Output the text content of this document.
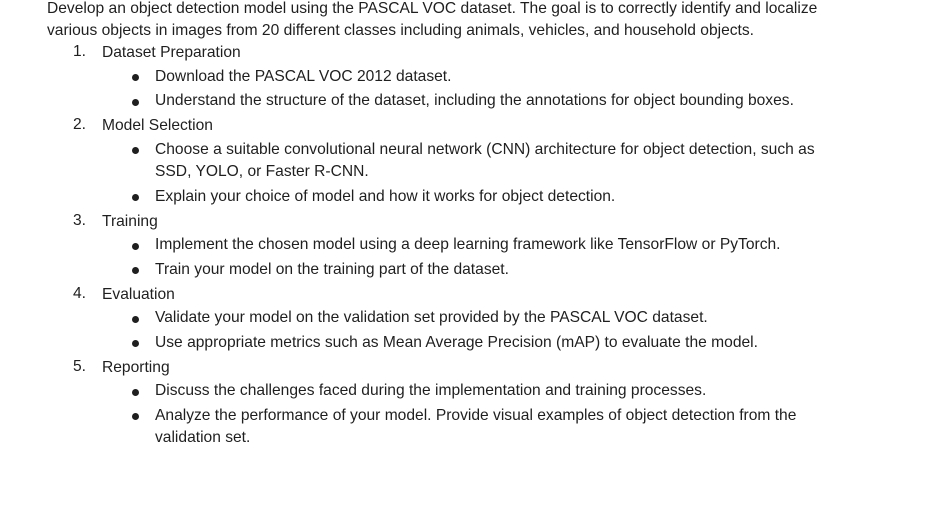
Develop an object detection model using the PASCAL VOC dataset. The goal is to correctly identify and localize various objects in images from 20 different classes including animals, vehicles, and household objects.

1. Dataset Preparation
Download the PASCAL VOC 2012 dataset.
Understand the structure of the dataset, including the annotations for object bounding boxes.
2. Model Selection
Choose a suitable convolutional neural network (CNN) architecture for object detection, such as SSD, YOLO, or Faster R-CNN.
Explain your choice of model and how it works for object detection.
3. Training
Implement the chosen model using a deep learning framework like TensorFlow or PyTorch.
Train your model on the training part of the dataset.
4. Evaluation
Validate your model on the validation set provided by the PASCAL VOC dataset.
Use appropriate metrics such as Mean Average Precision (mAP) to evaluate the model.
5. Reporting
Discuss the challenges faced during the implementation and training processes.
Analyze the performance of your model. Provide visual examples of object detection from the validation set.
